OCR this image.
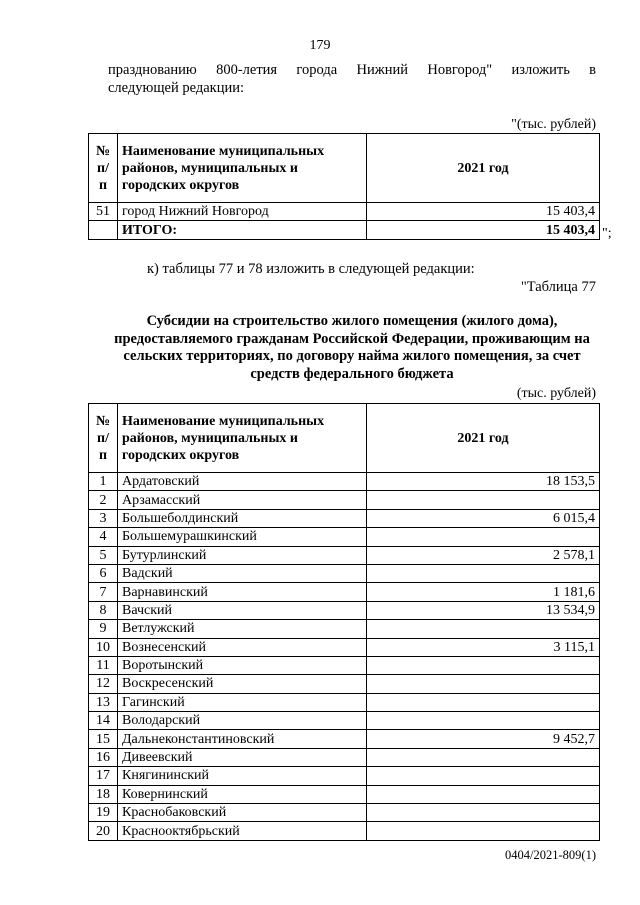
179
празднованию 800-летия города Нижний Новгород" изложить в
следующей редакции:
"(тыс. рублей)
№ п/п	Наименование муниципальных районов, муниципальных и городских округов	2021 год
51	город Нижний Новгород	15 403,4
	ИТОГО:	15 403,4 ";
к) таблицы 77 и 78 изложить в следующей редакции:
"Таблица 77
Субсидии на строительство жилого помещения (жилого дома), предоставляемого гражданам Российской Федерации, проживающим на сельских территориях, по договору найма жилого помещения, за счет средств федерального бюджета
(тыс. рублей)
№ п/п	Наименование муниципальных районов, муниципальных и городских округов	2021 год
1	Ардатовский	18 153,5
2	Арзамасский	
3	Большеболдинский	6 015,4
4	Большемурашкинский	
5	Бутурлинский	2 578,1
6	Вадский	
7	Варнавинский	1 181,6
8	Вачский	13 534,9
9	Ветлужский	
10	Вознесенский	3 115,1
11	Воротынский	
12	Воскресенский	
13	Гагинский	
14	Володарский	
15	Дальнеконстантиновский	9 452,7
16	Дивеевский	
17	Княгининский	
18	Ковернинский	
19	Краснобаковский	
20	Краснооктябрьский	
0404/2021-809(1)
